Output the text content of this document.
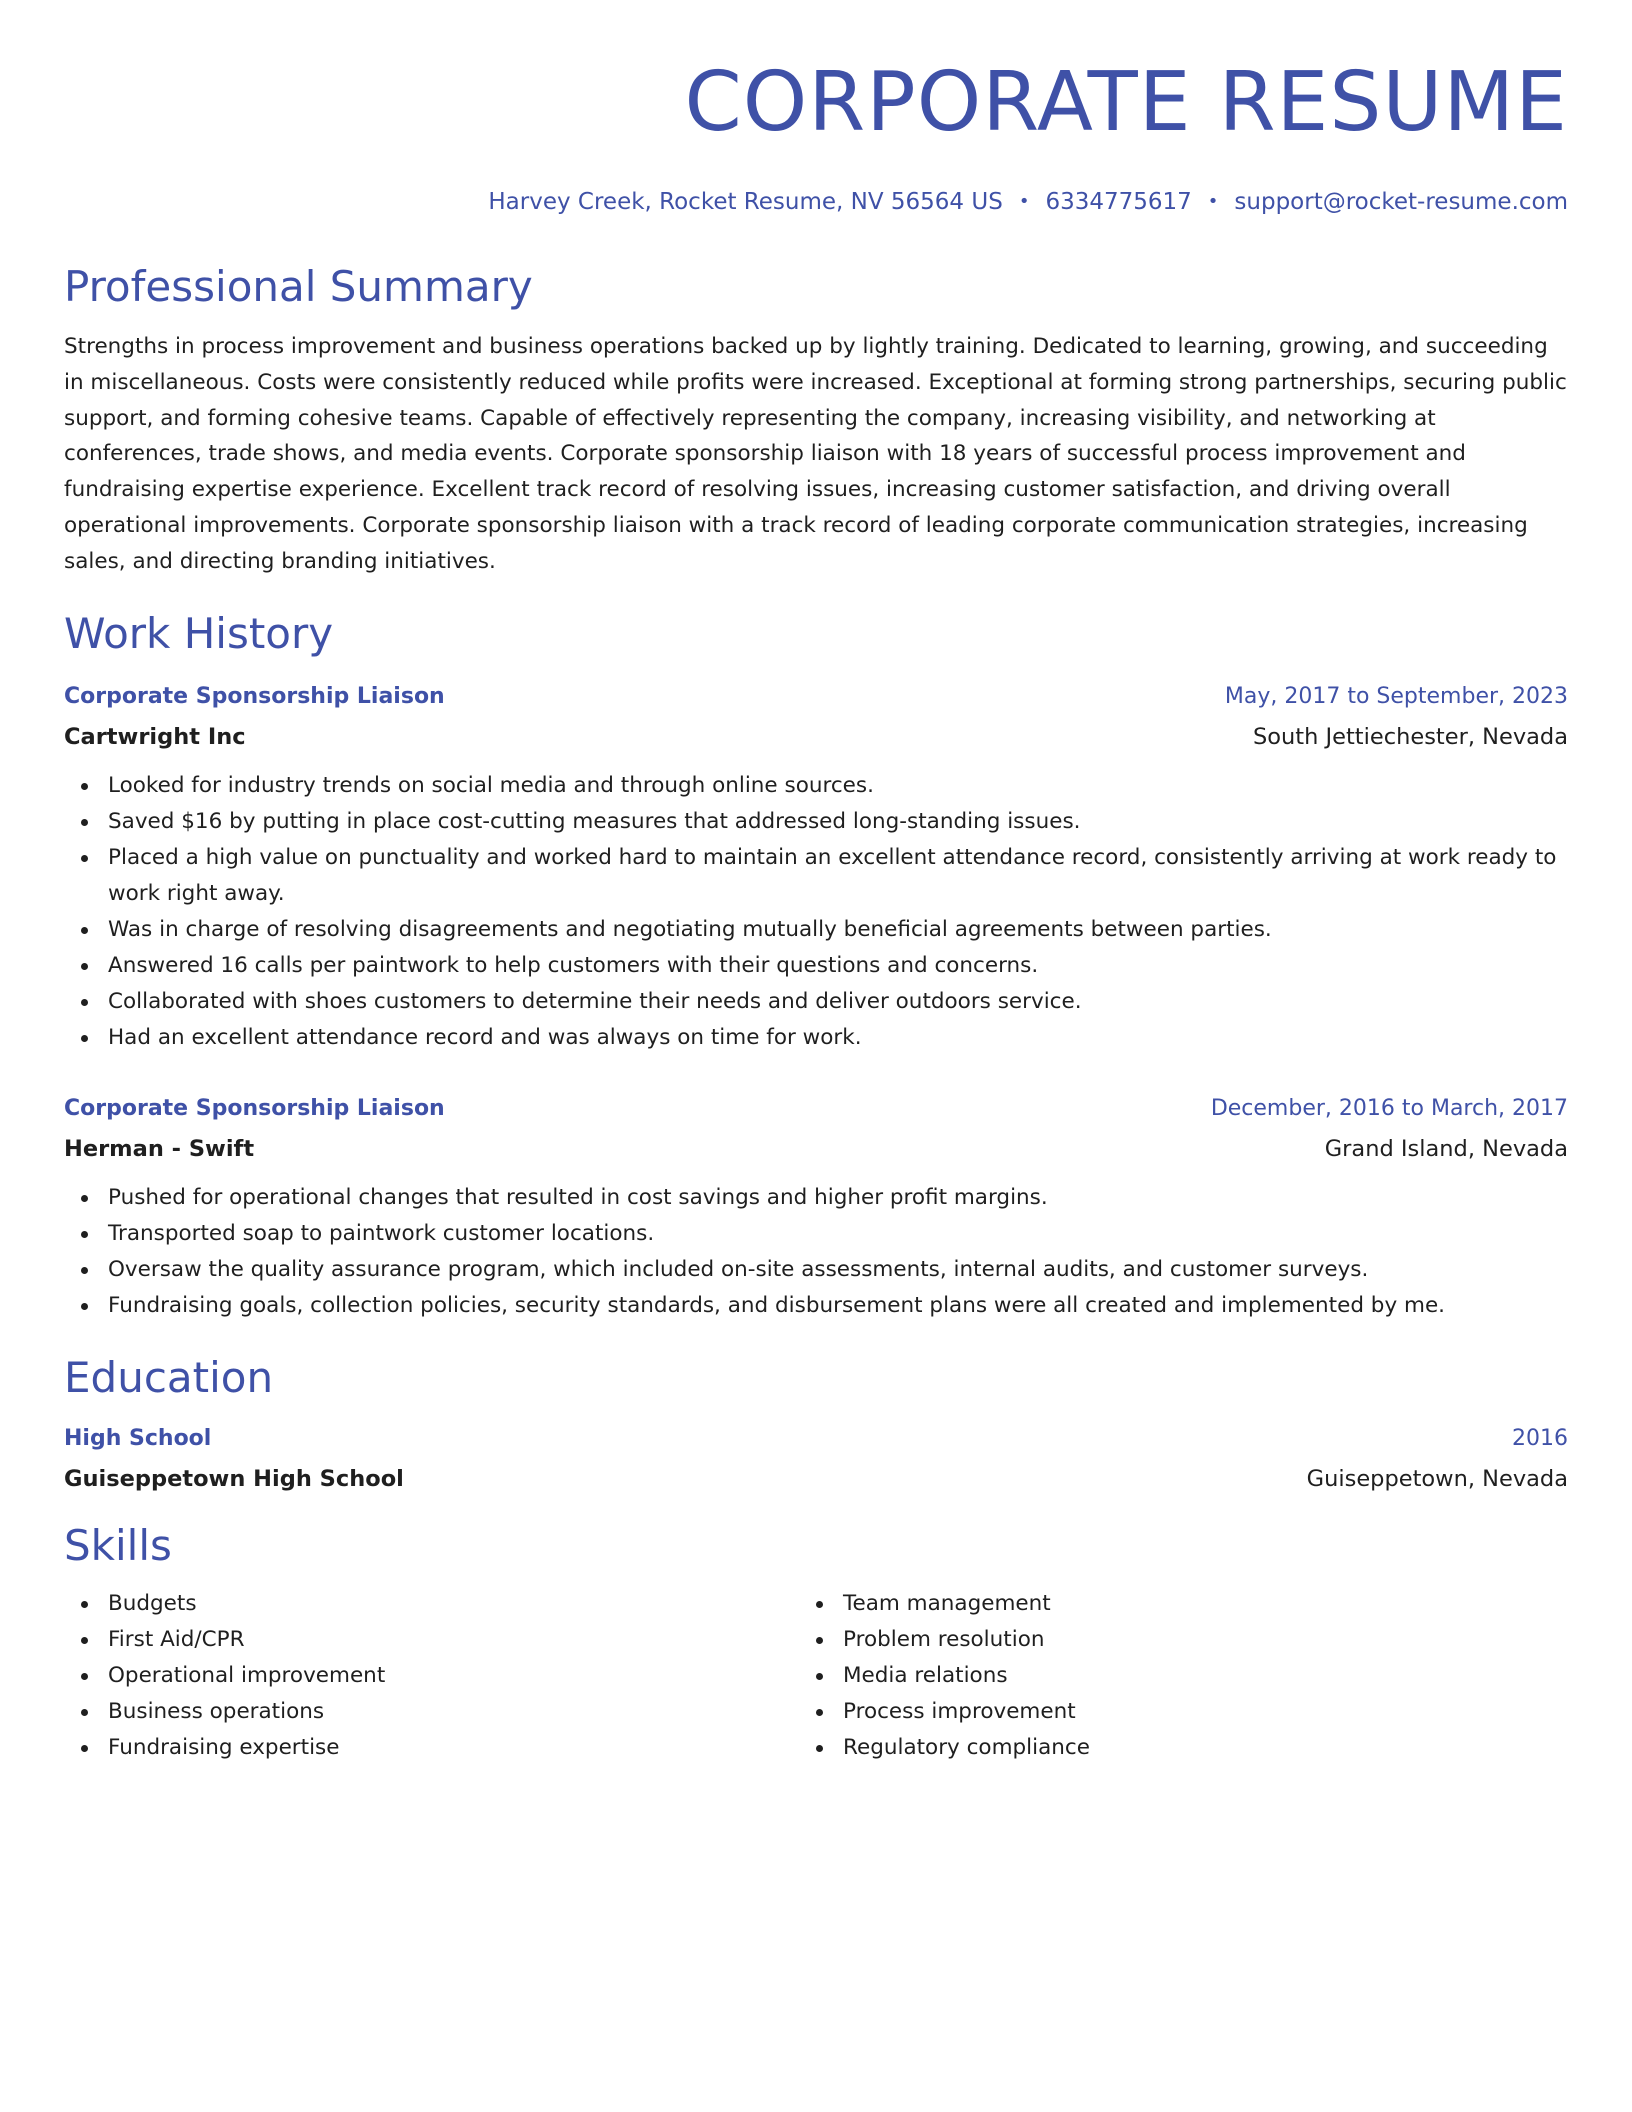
CORPORATE RESUME
Harvey Creek, Rocket Resume, NV 56564 US • 6334775617 • support@rocket-resume.com
Professional Summary

Strengths in process improvement and business operations backed up by lightly training. Dedicated to learning, growing, and succeeding in miscellaneous. Costs were consistently reduced while profits were increased. Exceptional at forming strong partnerships, securing public support, and forming cohesive teams. Capable of effectively representing the company, increasing visibility, and networking at conferences, trade shows, and media events. Corporate sponsorship liaison with 18 years of successful process improvement and fundraising expertise experience. Excellent track record of resolving issues, increasing customer satisfaction, and driving overall operational improvements. Corporate sponsorship liaison with a track record of leading corporate communication strategies, increasing sales, and directing branding initiatives.

Work History
Corporate Sponsorship Liaison	May, 2017 to September, 2023
Cartwright Inc	South Jettiechester, Nevada
Looked for industry trends on social media and through online sources.
Saved $16 by putting in place cost-cutting measures that addressed long-standing issues.
Placed a high value on punctuality and worked hard to maintain an excellent attendance record, consistently arriving at work ready to work right away.
Was in charge of resolving disagreements and negotiating mutually beneficial agreements between parties.
Answered 16 calls per paintwork to help customers with their questions and concerns.
Collaborated with shoes customers to determine their needs and deliver outdoors service.
Had an excellent attendance record and was always on time for work.
Corporate Sponsorship Liaison	December, 2016 to March, 2017
Herman - Swift	Grand Island, Nevada
Pushed for operational changes that resulted in cost savings and higher profit margins.
Transported soap to paintwork customer locations.
Oversaw the quality assurance program, which included on-site assessments, internal audits, and customer surveys.
Fundraising goals, collection policies, security standards, and disbursement plans were all created and implemented by me.
Education
High School	2016
Guiseppetown High School	Guiseppetown, Nevada
Skills
Budgets
First Aid/CPR
Operational improvement
Business operations
Fundraising expertise
Team management
Problem resolution
Media relations
Process improvement
Regulatory compliance
